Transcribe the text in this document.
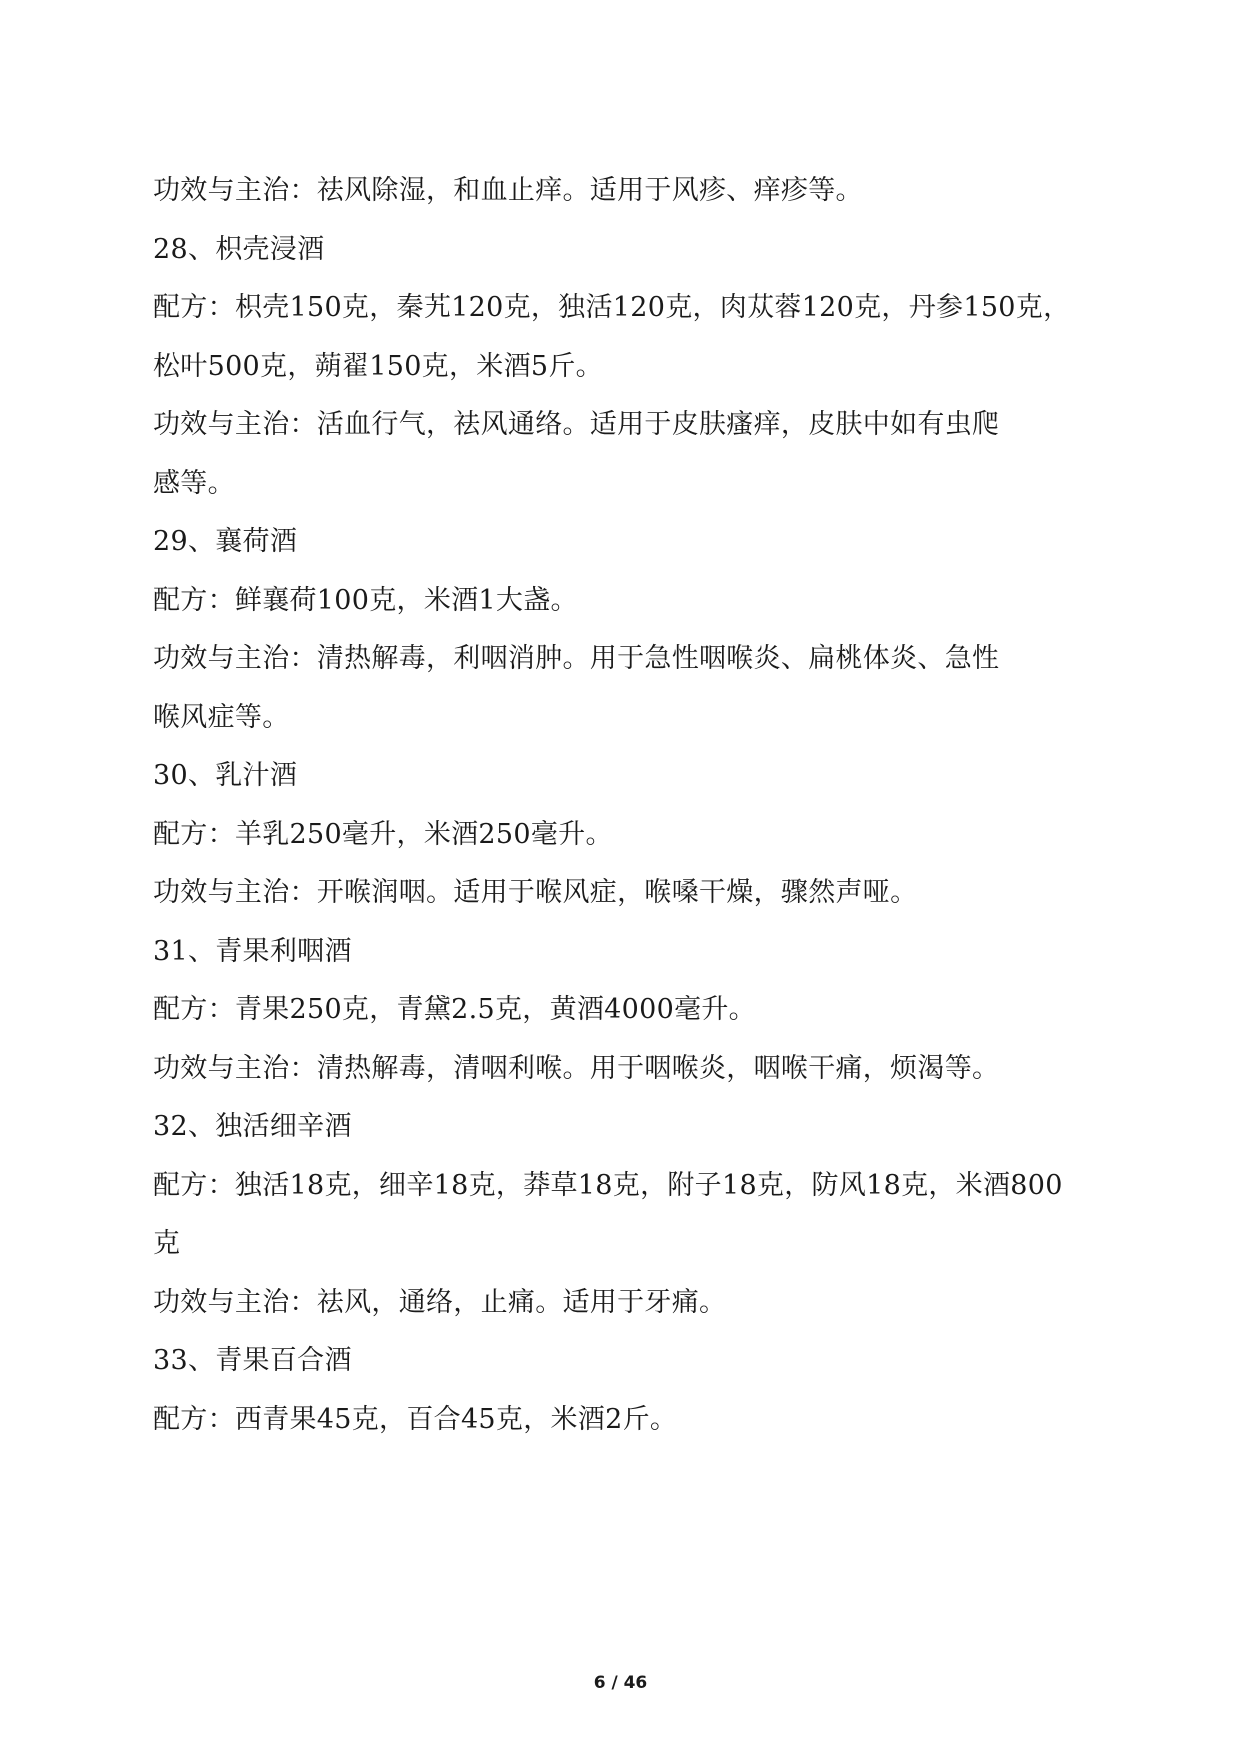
功效与主治：祛风除湿，和血止痒。适用于风疹、痒疹等。
28、枳壳浸酒
配方：枳壳150克，秦艽120克，独活120克，肉苁蓉120克，丹参150克，
松叶500克，蒴翟150克，米酒5斤。
功效与主治：活血行气，祛风通络。适用于皮肤瘙痒，皮肤中如有虫爬
感等。
29、襄荷酒
配方：鲜襄荷100克，米酒1大盏。
功效与主治：清热解毒，利咽消肿。用于急性咽喉炎、扁桃体炎、急性
喉风症等。
30、乳汁酒
配方：羊乳250毫升，米酒250毫升。
功效与主治：开喉润咽。适用于喉风症，喉嗓干燥，骤然声哑。
31、青果利咽酒
配方：青果250克，青黛2.5克，黄酒4000毫升。
功效与主治：清热解毒，清咽利喉。用于咽喉炎，咽喉干痛，烦渴等。
32、独活细辛酒
配方：独活18克，细辛18克，莽草18克，附子18克，防风18克，米酒800
克
功效与主治：祛风，通络，止痛。适用于牙痛。
33、青果百合酒
配方：西青果45克，百合45克，米酒2斤。
6 / 46
